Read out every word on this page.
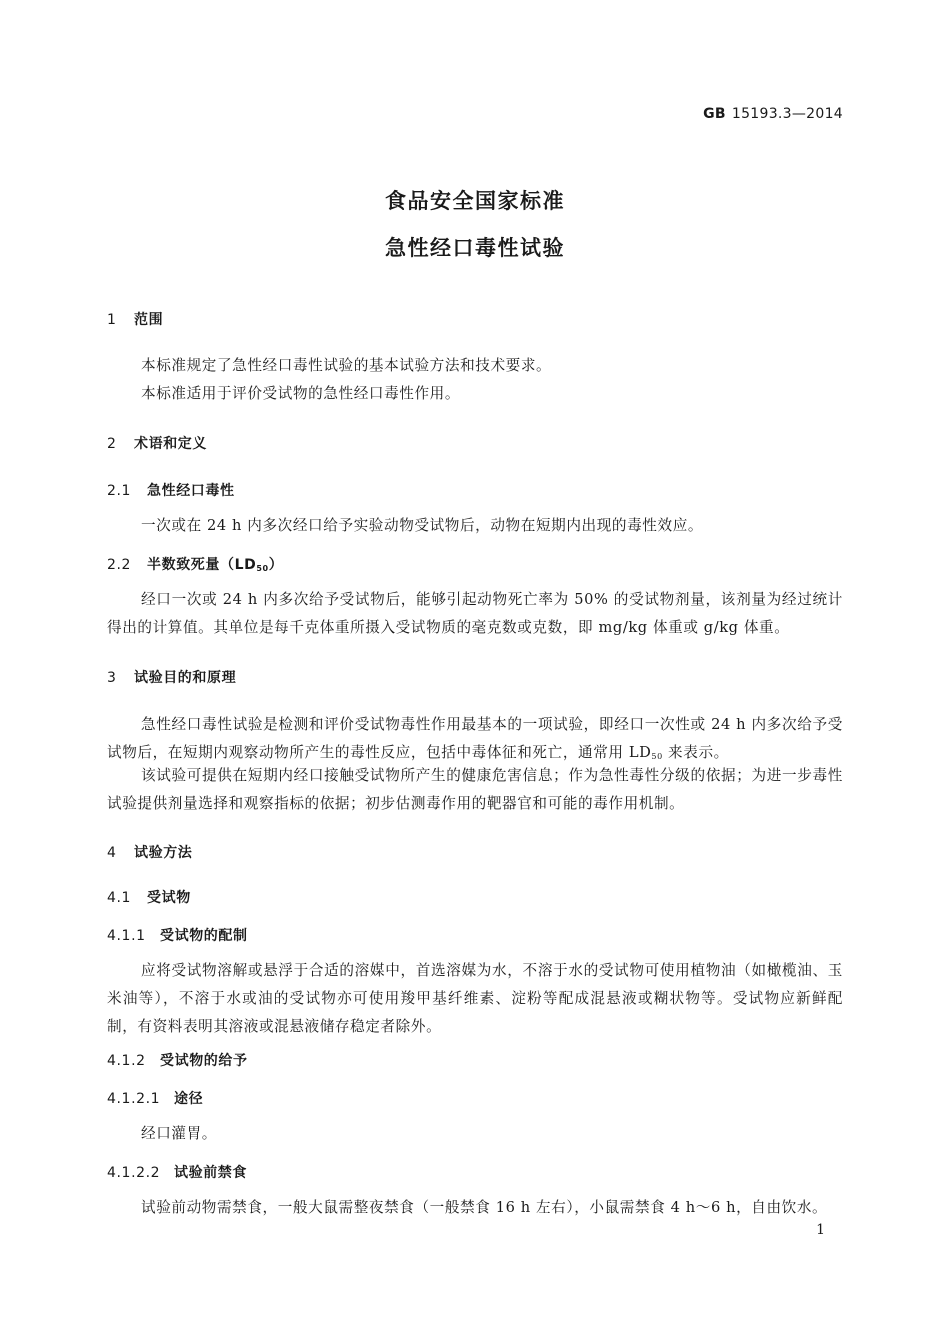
GB 15193.3—2014
食品安全国家标准
急性经口毒性试验
1 范围
本标准规定了急性经口毒性试验的基本试验方法和技术要求。
本标准适用于评价受试物的急性经口毒性作用。
2 术语和定义
2.1 急性经口毒性
一次或在 24 h 内多次经口给予实验动物受试物后，动物在短期内出现的毒性效应。
2.2 半数致死量$(LD_{50})$
经口一次或 24 h 内多次给予受试物后，能够引起动物死亡率为 50% 的受试物剂量，该剂量为经过统计得出的计算值。其单位是每千克体重所摄入受试物质的毫克数或克数，即 mg/kg 体重或 g/kg 体重。
3 试验目的和原理
急性经口毒性试验是检测和评价受试物毒性作用最基本的一项试验，即经口一次性或 24 h 内多次给予受试物后，在短期内观察动物所产生的毒性反应，包括中毒体征和死亡，通常用 $LD_{50}$ 来表示。
该试验可提供在短期内经口接触受试物所产生的健康危害信息；作为急性毒性分级的依据；为进一步毒性试验提供剂量选择和观察指标的依据；初步估测毒作用的靶器官和可能的毒作用机制。
4 试验方法
4.1 受试物
4.1.1 受试物的配制
应将受试物溶解或悬浮于合适的溶媒中，首选溶媒为水，不溶于水的受试物可使用植物油（如橄榄油、玉米油等），不溶于水或油的受试物亦可使用羧甲基纤维素、淀粉等配成混悬液或糊状物等。受试物应新鲜配制，有资料表明其溶液或混悬液储存稳定者除外。
4.1.2 受试物的给予
4.1.2.1 途径
经口灌胃。
4.1.2.2 试验前禁食
试验前动物需禁食，一般大鼠需整夜禁食（一般禁食 16 h 左右），小鼠需禁食 4 h～6 h，自由饮水。
1
